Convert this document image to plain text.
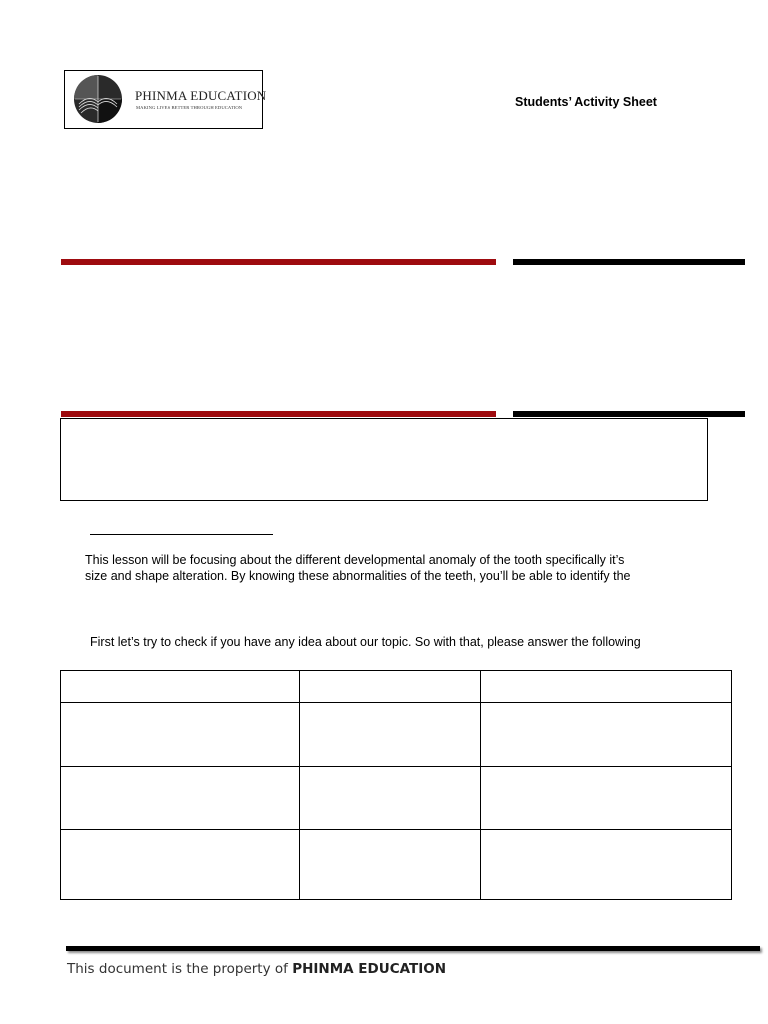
PHINMA EDUCATION
MAKING LIVES BETTER THROUGH EDUCATION	Students’ Activity Sheet
This lesson will be focusing about the different developmental anomaly of the tooth specifically it’s
size and shape alteration. By knowing these abnormalities of the teeth, you’ll be able to identify the
First let’s try to check if you have any idea about our topic. So with that, please answer the following

This document is the property of PHINMA EDUCATION
